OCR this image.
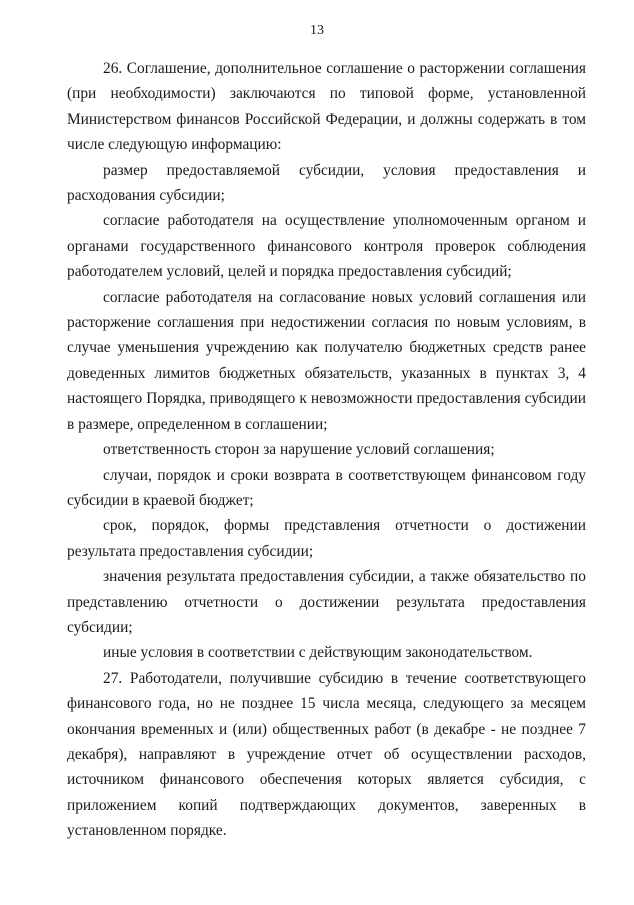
13

26. Соглашение, дополнительное соглашение о расторжении соглашения (при необходимости) заключаются по типовой форме, установленной Министерством финансов Российской Федерации, и должны содержать в том числе следующую информацию:

размер предоставляемой субсидии, условия предоставления и расходования субсидии;

согласие работодателя на осуществление уполномоченным органом и органами государственного финансового контроля проверок соблюдения работодателем условий, целей и порядка предоставления субсидий;

согласие работодателя на согласование новых условий соглашения или расторжение соглашения при недостижении согласия по новым условиям, в случае уменьшения учреждению как получателю бюджетных средств ранее доведенных лимитов бюджетных обязательств, указанных в пунктах 3, 4 настоящего Порядка, приводящего к невозможности предоставления субсидии в размере, определенном в соглашении;

ответственность сторон за нарушение условий соглашения;

случаи, порядок и сроки возврата в соответствующем финансовом году субсидии в краевой бюджет;

срок, порядок, формы представления отчетности о достижении результата предоставления субсидии;

значения результата предоставления субсидии, а также обязательство по представлению отчетности о достижении результата предоставления субсидии;

иные условия в соответствии с действующим законодательством.

27. Работодатели, получившие субсидию в течение соответствующего финансового года, но не позднее 15 числа месяца, следующего за месяцем окончания временных и (или) общественных работ (в декабре - не позднее 7 декабря), направляют в учреждение отчет об осуществлении расходов, источником финансового обеспечения которых является субсидия, с приложением копий подтверждающих документов, заверенных в установленном порядке.
